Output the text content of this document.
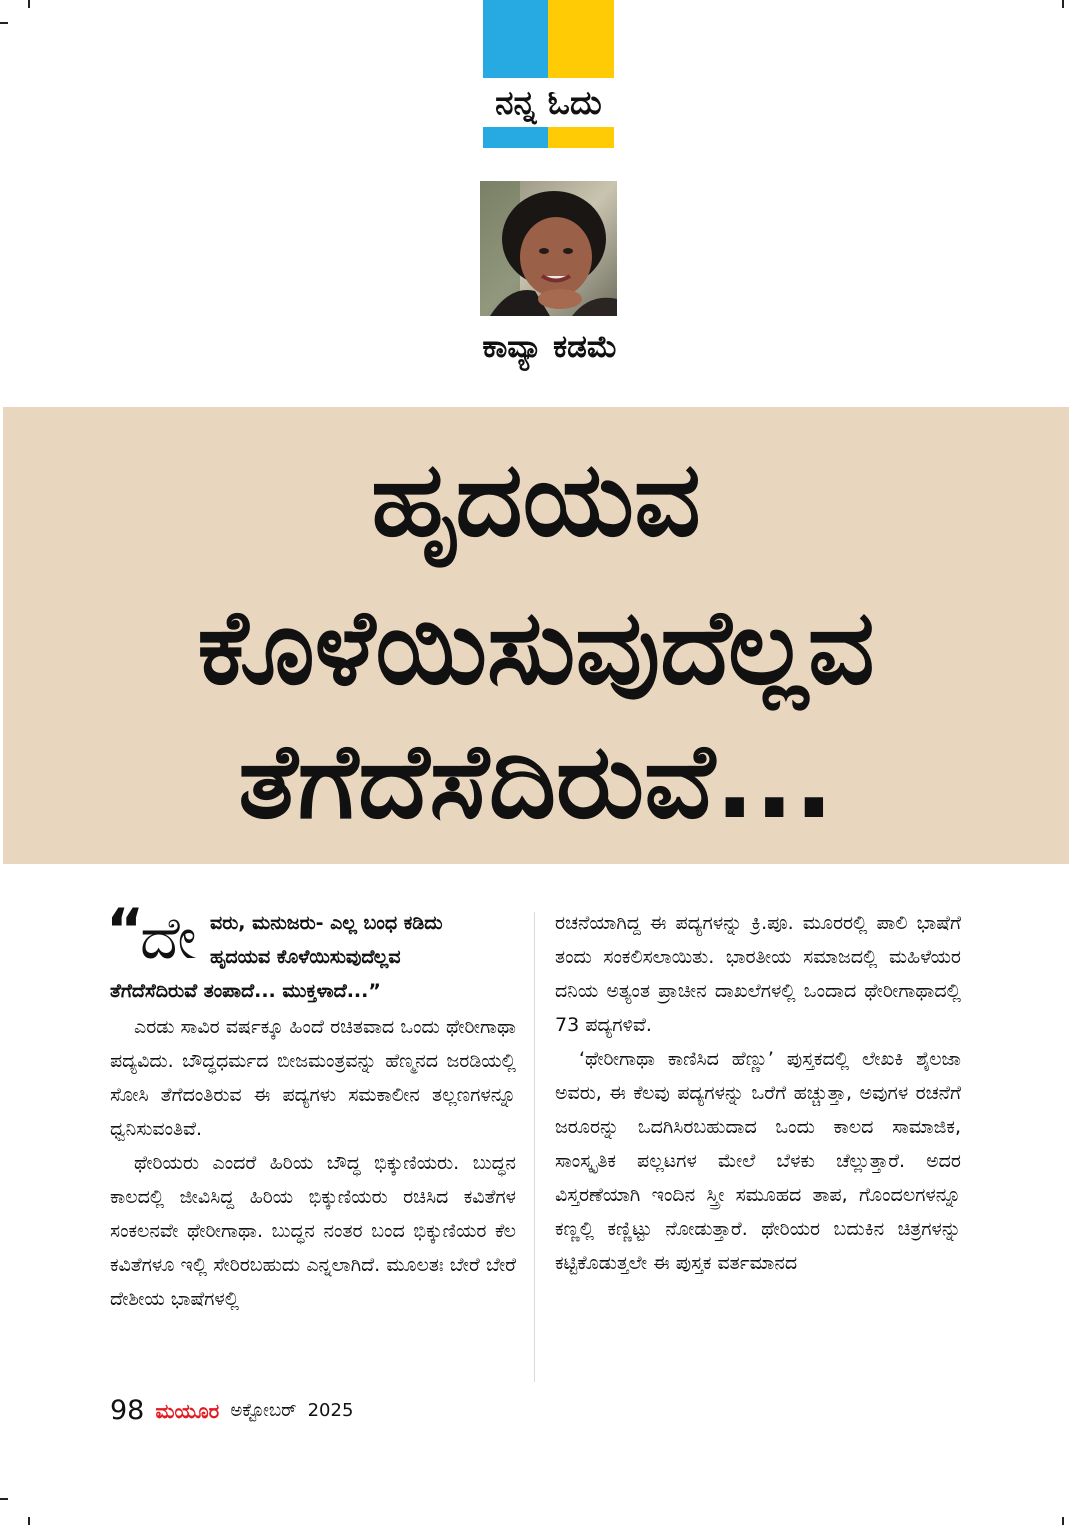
ನನ್ನ ಓದು
ಕಾವ್ಯಾ ಕಡಮೆ
ಹೃದಯವ
ಕೊಳೆಯಿಸುವುದೆಲ್ಲವ
ತೆಗೆದೆಸೆದಿರುವೆ...
“
ದೇ ವರು, ಮನುಜರು- ಎಲ್ಲ ಬಂಧ ಕಡಿದು
ಹೃದಯವ ಕೊಳೆಯಿಸುವುದೆಲ್ಲವ
ತೆಗೆದೆಸೆದಿರುವೆ ತಂಪಾದೆ... ಮುಕ್ತಳಾದೆ...”

ಎರಡು ಸಾವಿರ ವರ್ಷಕ್ಕೂ ಹಿಂದೆ ರಚಿತವಾದ ಒಂದು ಥೇರೀಗಾಥಾ ಪದ್ಯವಿದು. ಬೌದ್ಧಧರ್ಮದ ಬೀಜಮಂತ್ರವನ್ನು ಹೆಣ್ಮನದ ಜರಡಿಯಲ್ಲಿ ಸೋಸಿ ತೆಗೆದಂತಿರುವ ಈ ಪದ್ಯಗಳು ಸಮಕಾಲೀನ ತಲ್ಲಣಗಳನ್ನೂ ಧ್ವನಿಸುವಂತಿವೆ.

ಥೇರಿಯರು ಎಂದರೆ ಹಿರಿಯ ಬೌದ್ಧ ಭಿಕ್ಕುಣಿಯರು. ಬುದ್ಧನ ಕಾಲದಲ್ಲಿ ಜೀವಿಸಿದ್ದ ಹಿರಿಯ ಭಿಕ್ಕುಣಿಯರು ರಚಿಸಿದ ಕವಿತೆಗಳ ಸಂಕಲನವೇ ಥೇರೀಗಾಥಾ. ಬುದ್ಧನ ನಂತರ ಬಂದ ಭಿಕ್ಕುಣಿಯರ ಕೆಲ ಕವಿತೆಗಳೂ ಇಲ್ಲಿ ಸೇರಿರಬಹುದು ಎನ್ನಲಾಗಿದೆ. ಮೂಲತಃ ಬೇರೆ ಬೇರೆ ದೇಶೀಯ ಭಾಷೆಗಳಲ್ಲಿ

ರಚನೆಯಾಗಿದ್ದ ಈ ಪದ್ಯಗಳನ್ನು ಕ್ರಿ.ಪೂ. ಮೂರರಲ್ಲಿ ಪಾಲಿ ಭಾಷೆಗೆ ತಂದು ಸಂಕಲಿಸಲಾಯಿತು. ಭಾರತೀಯ ಸಮಾಜದಲ್ಲಿ ಮಹಿಳೆಯರ ದನಿಯ ಅತ್ಯಂತ ಪ್ರಾಚೀನ ದಾಖಲೆಗಳಲ್ಲಿ ಒಂದಾದ ಥೇರೀಗಾಥಾದಲ್ಲಿ 73 ಪದ್ಯಗಳಿವೆ.

‘ಥೇರೀಗಾಥಾ ಕಾಣಿಸಿದ ಹೆಣ್ಣು’ ಪುಸ್ತಕದಲ್ಲಿ ಲೇಖಕಿ ಶೈಲಜಾ ಅವರು, ಈ ಕೆಲವು ಪದ್ಯಗಳನ್ನು ಒರೆಗೆ ಹಚ್ಚುತ್ತಾ, ಅವುಗಳ ರಚನೆಗೆ ಜರೂರನ್ನು ಒದಗಿಸಿರಬಹುದಾದ ಒಂದು ಕಾಲದ ಸಾಮಾಜಿಕ, ಸಾಂಸ್ಕೃತಿಕ ಪಲ್ಲಟಗಳ ಮೇಲೆ ಬೆಳಕು ಚೆಲ್ಲುತ್ತಾರೆ. ಅದರ ವಿಸ್ತರಣೆಯಾಗಿ ಇಂದಿನ ಸ್ತ್ರೀ ಸಮೂಹದ ತಾಪ, ಗೊಂದಲಗಳನ್ನೂ ಕಣ್ಣಲ್ಲಿ ಕಣ್ಣಿಟ್ಟು ನೋಡುತ್ತಾರೆ. ಥೇರಿಯರ ಬದುಕಿನ ಚಿತ್ರಗಳನ್ನು ಕಟ್ಟಿಕೊಡುತ್ತಲೇ ಈ ಪುಸ್ತಕ ವರ್ತಮಾನದ

98 ಮಯೂರ ಅಕ್ಟೋಬರ್ 2025
